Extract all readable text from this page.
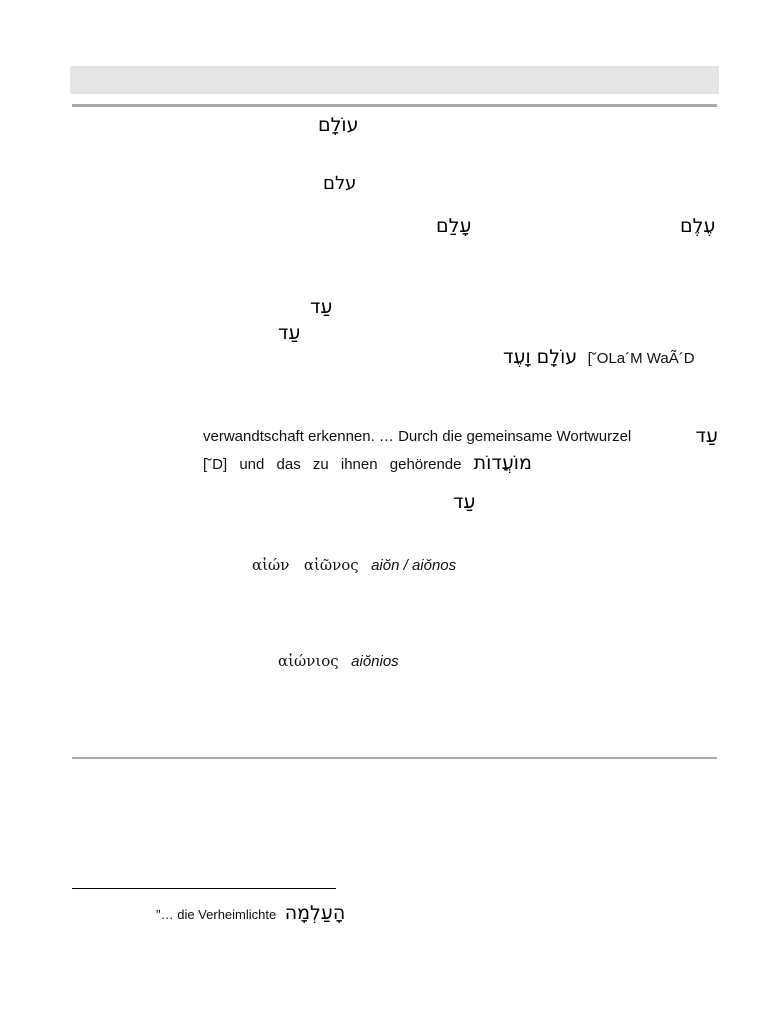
עוֹלָם
עלם
עָלַם	עֶלֶם
עַד
עַד
עוֹלָם וָעֶד [˘OLa´M WaÃ´D
verwandtschaft erkennen. … Durch die gemeinsame Wortwurzel	עַד
[˘D] und das zu ihnen gehörende מוֹעֲדוֹת
עַד
αἰών αἰῶνος aiŏn / aiŏnos
αἰώνιος aiŏnios
"… die Verheimlichte הָעַלְמָה
